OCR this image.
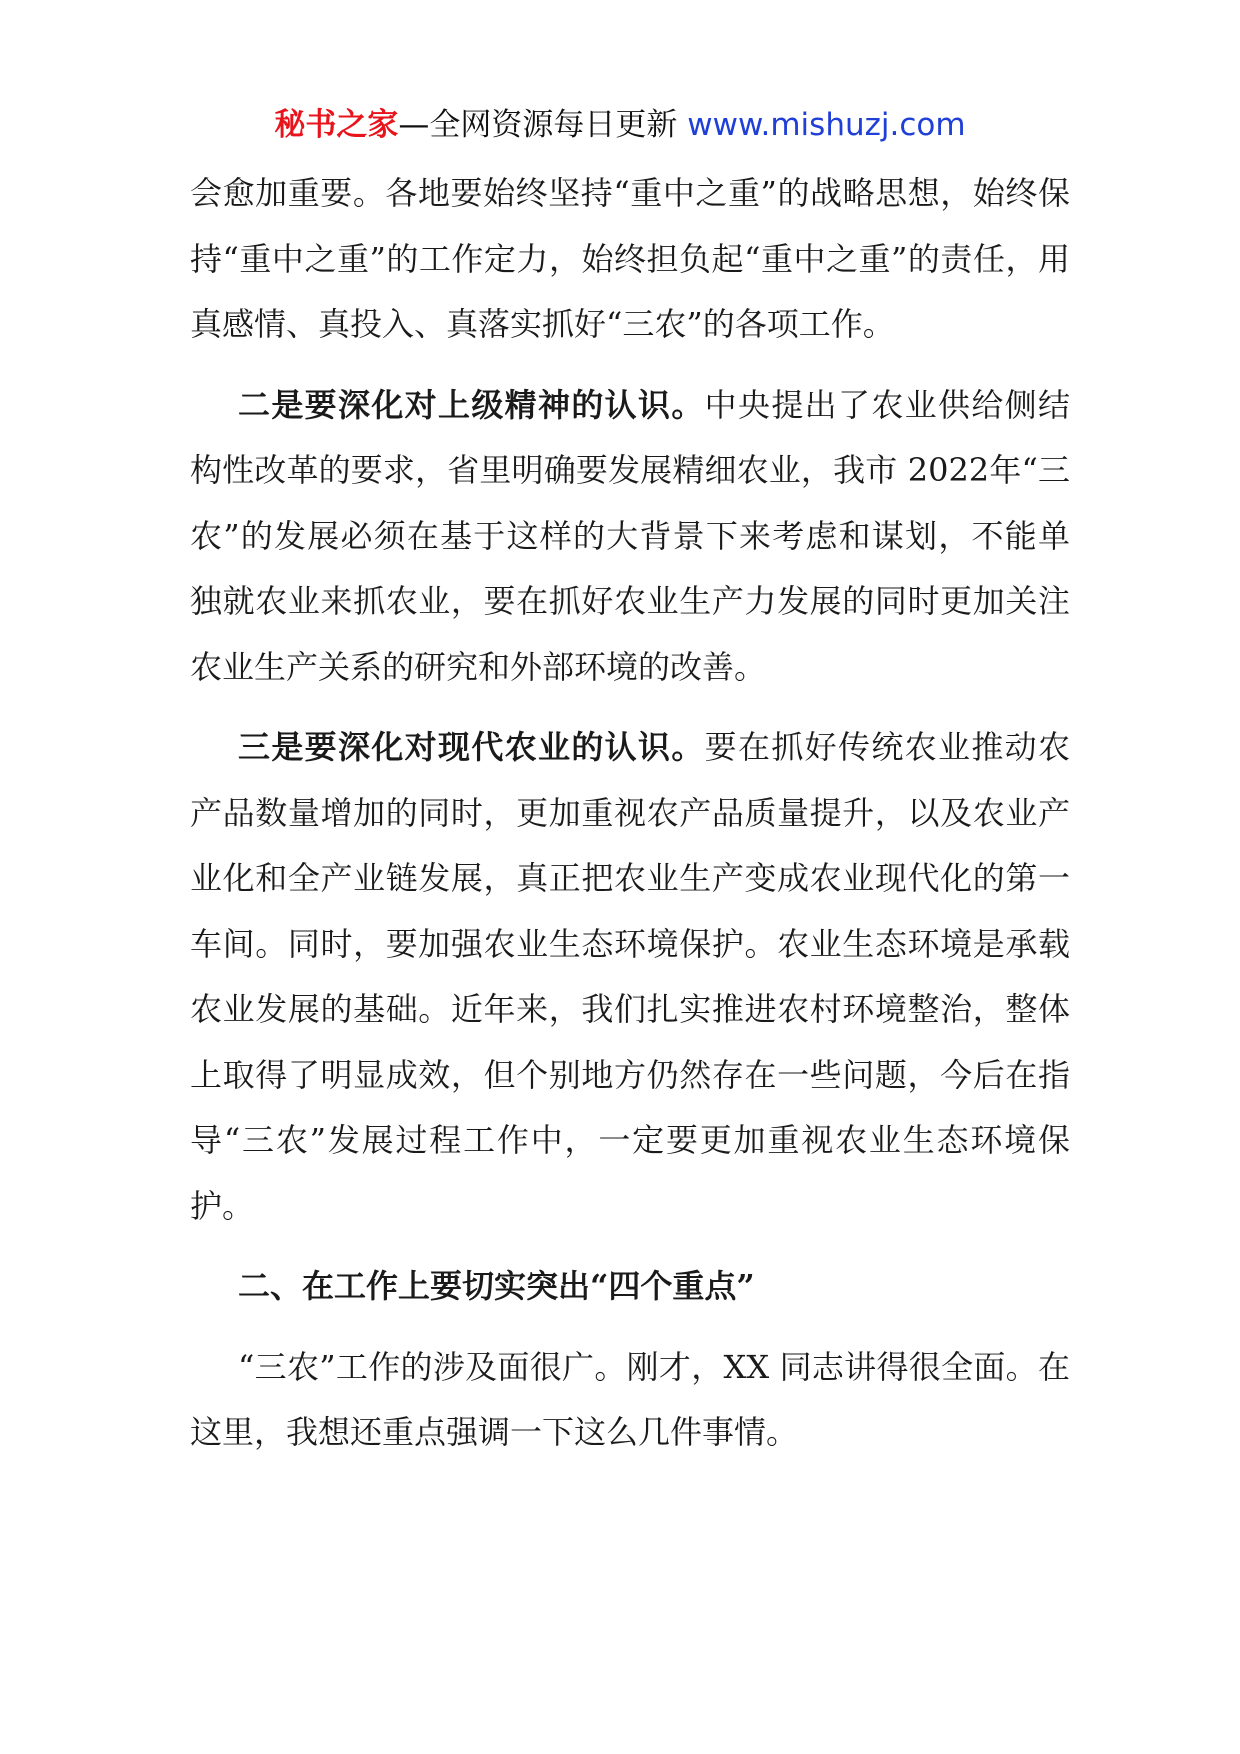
秘书之家—全网资源每日更新 www.mishuzj.com

会愈加重要。各地要始终坚持“重中之重”的战略思想，始终保持“重中之重”的工作定力，始终担负起“重中之重”的责任，用真感情、真投入、真落实抓好“三农”的各项工作。

二是要深化对上级精神的认识。中央提出了农业供给侧结构性改革的要求，省里明确要发展精细农业，我市 2022年“三农”的发展必须在基于这样的大背景下来考虑和谋划，不能单独就农业来抓农业，要在抓好农业生产力发展的同时更加关注农业生产关系的研究和外部环境的改善。

三是要深化对现代农业的认识。要在抓好传统农业推动农产品数量增加的同时，更加重视农产品质量提升，以及农业产业化和全产业链发展，真正把农业生产变成农业现代化的第一车间。同时，要加强农业生态环境保护。农业生态环境是承载农业发展的基础。近年来，我们扎实推进农村环境整治，整体上取得了明显成效，但个别地方仍然存在一些问题，今后在指导“三农”发展过程工作中，一定要更加重视农业生态环境保护。

二、在工作上要切实突出“四个重点”

“三农”工作的涉及面很广。刚才，XX 同志讲得很全面。在这里，我想还重点强调一下这么几件事情。
